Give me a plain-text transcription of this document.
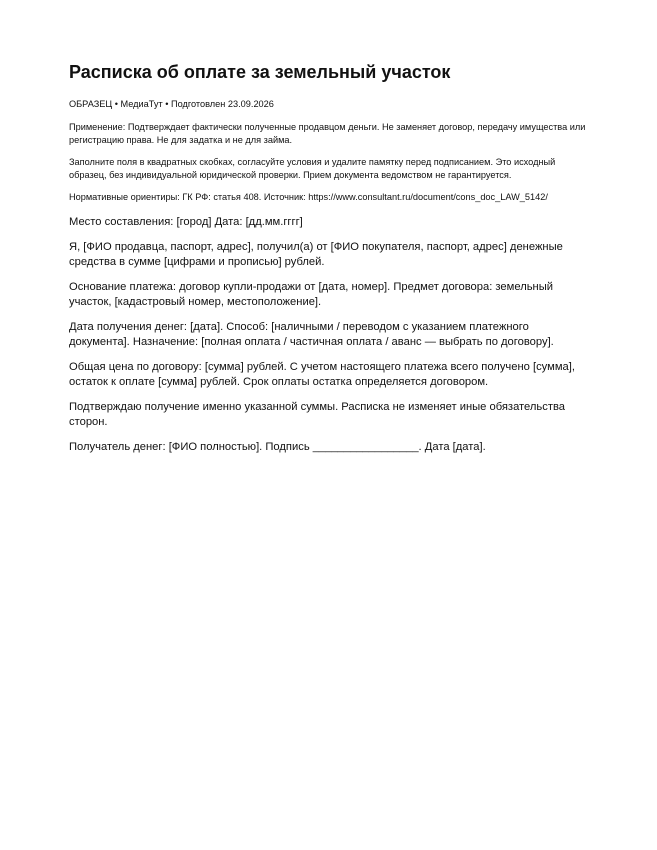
Расписка об оплате за земельный участок

ОБРАЗЕЦ • МедиаТут • Подготовлен 23.09.2026

Применение: Подтверждает фактически полученные продавцом деньги. Не заменяет договор, передачу имущества или регистрацию права. Не для задатка и не для займа.

Заполните поля в квадратных скобках, согласуйте условия и удалите памятку перед подписанием. Это исходный образец, без индивидуальной юридической проверки. Прием документа ведомством не гарантируется.

Нормативные ориентиры: ГК РФ: статья 408. Источник: https://www.consultant.ru/document/cons_doc_LAW_5142/

Место составления: [город] Дата: [дд.мм.гггг]

Я, [ФИО продавца, паспорт, адрес], получил(а) от [ФИО покупателя, паспорт, адрес] денежные средства в сумме [цифрами и прописью] рублей.

Основание платежа: договор купли-продажи от [дата, номер]. Предмет договора: земельный участок, [кадастровый номер, местоположение].

Дата получения денег: [дата]. Способ: [наличными / переводом с указанием платежного документа]. Назначение: [полная оплата / частичная оплата / аванс — выбрать по договору].

Общая цена по договору: [сумма] рублей. С учетом настоящего платежа всего получено [сумма], остаток к оплате [сумма] рублей. Срок оплаты остатка определяется договором.

Подтверждаю получение именно указанной суммы. Расписка не изменяет иные обязательства сторон.

Получатель денег: [ФИО полностью]. Подпись _________________. Дата [дата].
